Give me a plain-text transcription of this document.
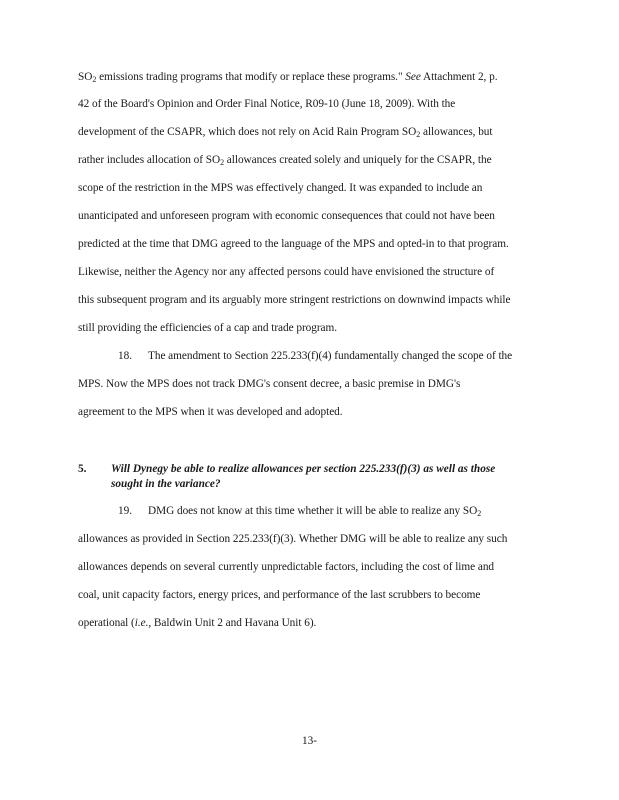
$SO_2$ emissions trading programs that modify or replace these programs." See Attachment 2, p.
42 of the Board's Opinion and Order Final Notice, R09-10 (June 18, 2009). With the
development of the CSAPR, which does not rely on Acid Rain Program $SO_2$ allowances, but
rather includes allocation of $SO_2$ allowances created solely and uniquely for the CSAPR, the
scope of the restriction in the MPS was effectively changed. It was expanded to include an
unanticipated and unforeseen program with economic consequences that could not have been
predicted at the time that DMG agreed to the language of the MPS and opted-in to that program.
Likewise, neither the Agency nor any affected persons could have envisioned the structure of
this subsequent program and its arguably more stringent restrictions on downwind impacts while
still providing the efficiencies of a cap and trade program.
18. The amendment to Section 225.233(f)(4) fundamentally changed the scope of the
MPS. Now the MPS does not track DMG's consent decree, a basic premise in DMG's
agreement to the MPS when it was developed and adopted.
5. Will Dynegy be able to realize allowances per section 225.233(f)(3) as well as those
sought in the variance?
19. DMG does not know at this time whether it will be able to realize any $SO_2$
allowances as provided in Section 225.233(f)(3). Whether DMG will be able to realize any such
allowances depends on several currently unpredictable factors, including the cost of lime and
coal, unit capacity factors, energy prices, and performance of the last scrubbers to become
operational (i.e., Baldwin Unit 2 and Havana Unit 6).
13-
